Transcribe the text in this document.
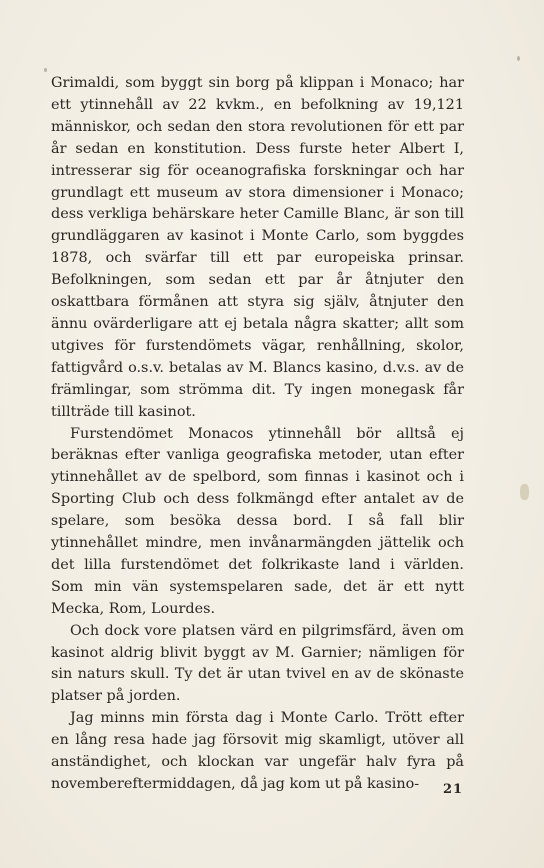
Grimaldi, som byggt sin borg på klippan i Monaco; har ett ytinnehåll av 22 kvkm., en befolkning av 19,121 människor, och sedan den stora revolutionen för ett par år sedan en konstitution. Dess furste heter Albert I, intresserar sig för oceanografiska forskningar och har grundlagt ett museum av stora dimensioner i Monaco; dess verkliga behärskare heter Camille Blanc, är son till grundläggaren av kasinot i Monte Carlo, som byggdes 1878, och svärfar till ett par europeiska prinsar. Befolkningen, som sedan ett par år åtnjuter den oskattbara förmånen att styra sig själv, åtnjuter den ännu ovärderligare att ej betala några skatter; allt som utgives för furstendömets vägar, renhållning, skolor, fattigvård o.s.v. betalas av M. Blancs kasino, d.v.s. av de främlingar, som strömma dit. Ty ingen monegask får tillträde till kasinot.

Furstendömet Monacos ytinnehåll bör alltså ej beräknas efter vanliga geografiska metoder, utan efter ytinnehållet av de spelbord, som finnas i kasinot och i Sporting Club och dess folkmängd efter antalet av de spelare, som besöka dessa bord. I så fall blir ytinnehållet mindre, men invånarmängden jättelik och det lilla furstendömet det folkrikaste land i världen. Som min vän systemspelaren sade, det är ett nytt Mecka, Rom, Lourdes.

Och dock vore platsen värd en pilgrimsfärd, även om kasinot aldrig blivit byggt av M. Garnier; nämligen för sin naturs skull. Ty det är utan tvivel en av de skönaste platser på jorden.

Jag minns min första dag i Monte Carlo. Trött efter en lång resa hade jag försovit mig skamligt, utöver all anständighet, och klockan var ungefär halv fyra på novembereftermiddagen, då jag kom ut på kasino-	21
